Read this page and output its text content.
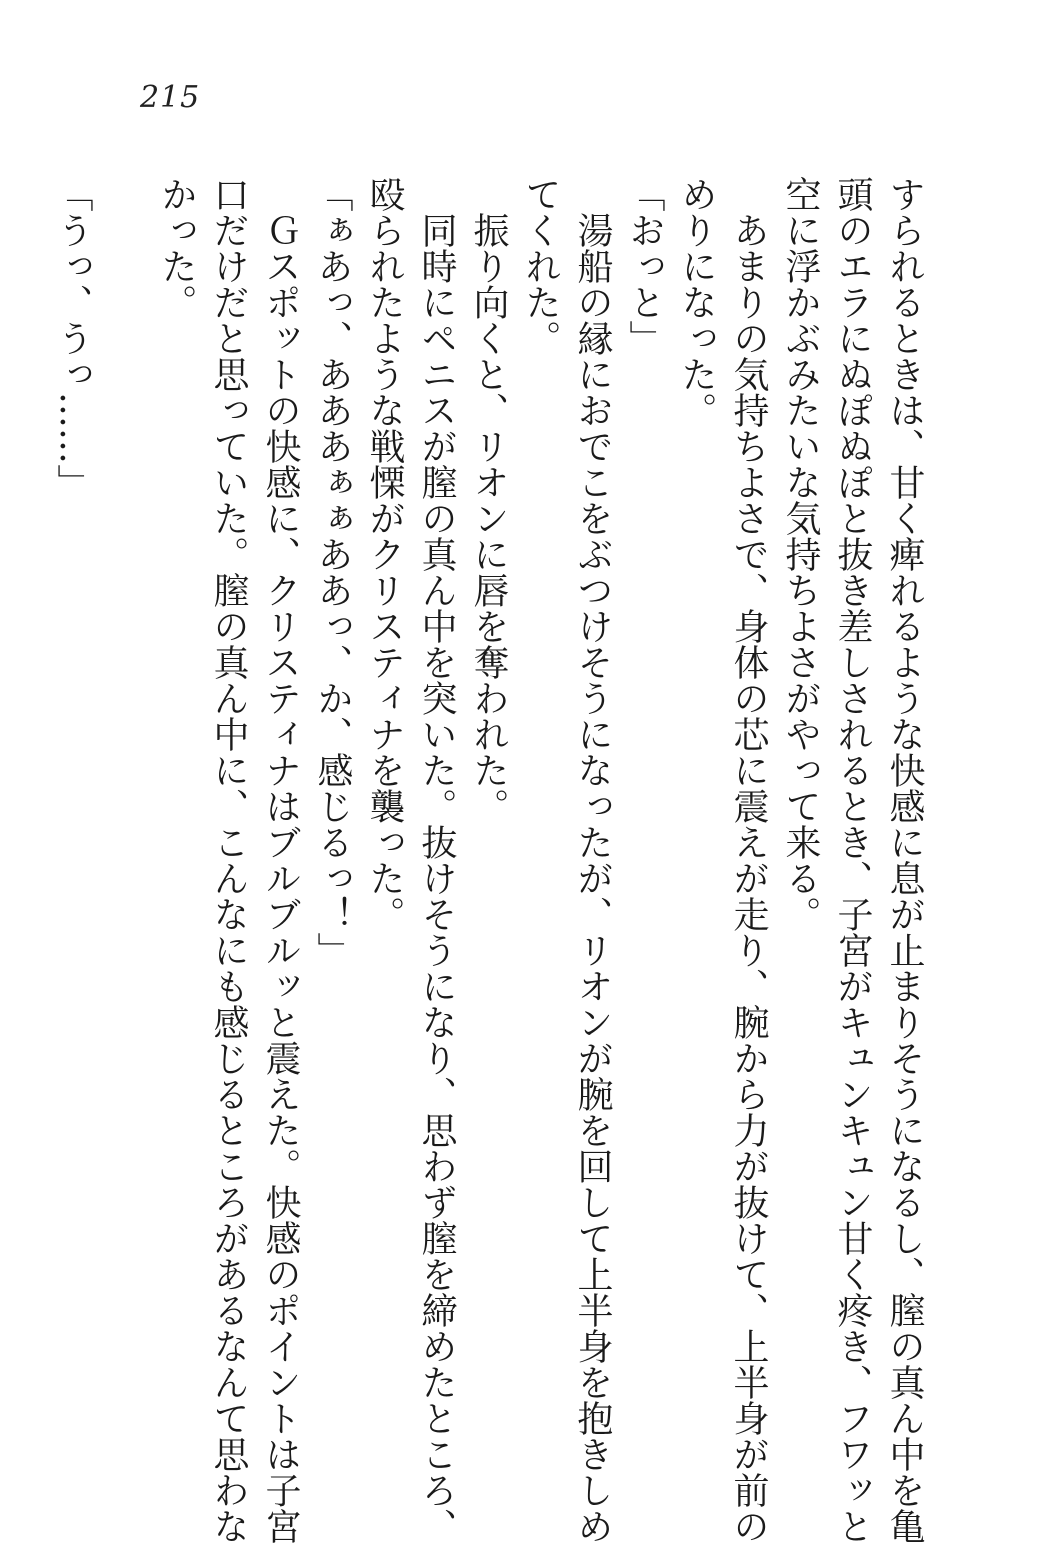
215
すられるときは、甘く痺れるような快感に息が止まりそうになるし、膣の真ん中を亀
頭のエラにぬぽぬぽと抜き差しされるとき、子宮がキュンキュン甘く疼き、フワッと
空に浮かぶみたいな気持ちよさがやって来る。
　あまりの気持ちよさで、身体の芯に震えが走り、腕から力が抜けて、上半身が前の
めりになった。
「おっと」
　湯船の縁におでこをぶつけそうになったが、リオンが腕を回して上半身を抱きしめ
てくれた。
　振り向くと、リオンに唇を奪われた。
　同時にペニスが膣の真ん中を突いた。抜けそうになり、思わず膣を締めたところ、
殴られたような戦慄がクリスティナを襲った。
「ぁあっ、あああぁぁああっ、か、感じるっ！」
　Ｇスポットの快感に、クリスティナはブルブルッと震えた。快感のポイントは子宮
口だけだと思っていた。膣の真ん中に、こんなにも感じるところがあるなんて思わな
かった。
「うっ、うっ……」
